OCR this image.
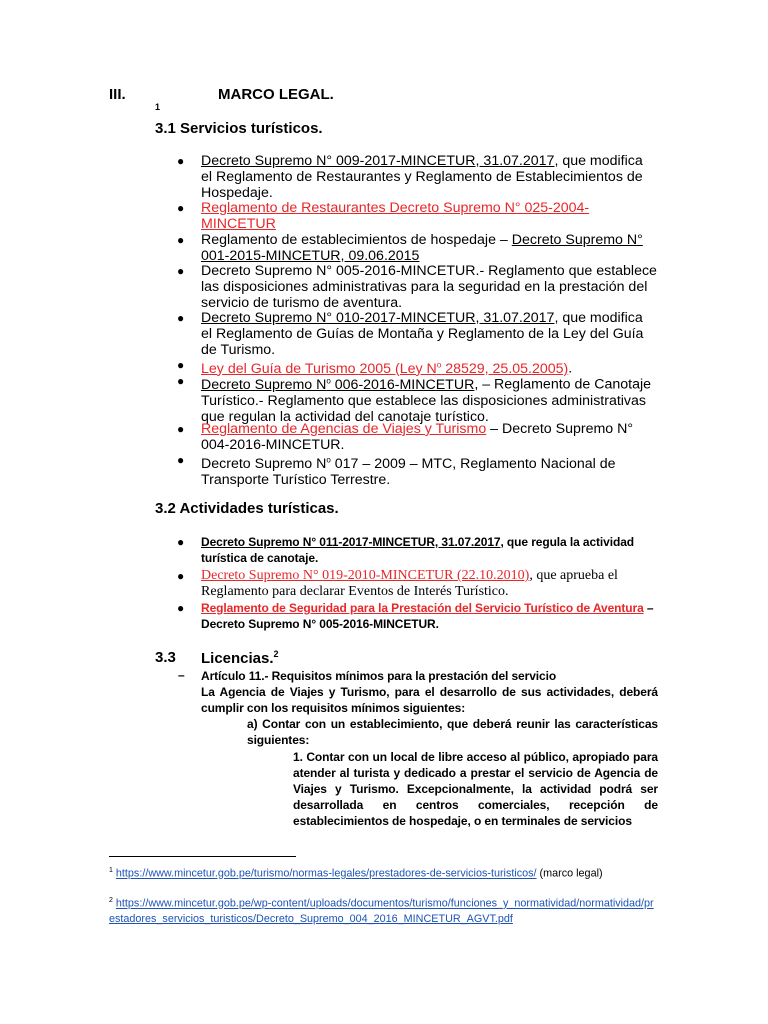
III.	MARCO LEGAL.
1
3.1 Servicios turísticos.
● Decreto Supremo N° 009-2017-MINCETUR, 31.07.2017, que modifica el Reglamento de Restaurantes y Reglamento de Establecimientos de Hospedaje.
● Reglamento de Restaurantes Decreto Supremo N° 025-2004-MINCETUR
● Reglamento de establecimientos de hospedaje – Decreto Supremo N° 001-2015-MINCETUR, 09.06.2015
● Decreto Supremo N° 005-2016-MINCETUR.- Reglamento que establece las disposiciones administrativas para la seguridad en la prestación del servicio de turismo de aventura.
● Decreto Supremo N° 010-2017-MINCETUR, 31.07.2017, que modifica el Reglamento de Guías de Montaña y Reglamento de la Ley del Guía de Turismo.
● Ley del Guía de Turismo 2005 (Ley $N^o$ 28529, 25.05.2005).
● Decreto Supremo $N^o$ 006-2016-MINCETUR, – Reglamento de Canotaje Turístico.- Reglamento que establece las disposiciones administrativas que regulan la actividad del canotaje turístico.
● Reglamento de Agencias de Viajes y Turismo – Decreto Supremo N° 004-2016-MINCETUR.
● Decreto Supremo $N^o$ 017 – 2009 – MTC, Reglamento Nacional de Transporte Turístico Terrestre.
3.2 Actividades turísticas.
● Decreto Supremo N° 011-2017-MINCETUR, 31.07.2017, que regula la actividad turística de canotaje.
● Decreto Supremo N° 019-2010-MINCETUR (22.10.2010), que aprueba el Reglamento para declarar Eventos de Interés Turístico.
● Reglamento de Seguridad para la Prestación del Servicio Turístico de Aventura – Decreto Supremo N° 005-2016-MINCETUR.
3.3 Licencias.$^2$
– Artículo 11.- Requisitos mínimos para la prestación del servicio
La Agencia de Viajes y Turismo, para el desarrollo de sus actividades, deberá cumplir con los requisitos mínimos siguientes:
a) Contar con un establecimiento, que deberá reunir las características siguientes:
1. Contar con un local de libre acceso al público, apropiado para atender al turista y dedicado a prestar el servicio de Agencia de Viajes y Turismo. Excepcionalmente, la actividad podrá ser desarrollada en centros comerciales, recepción de establecimientos de hospedaje, o en terminales de servicios
$^1$ https://www.mincetur.gob.pe/turismo/normas-legales/prestadores-de-servicios-turisticos/ (marco legal)
$^2$ https://www.mincetur.gob.pe/wp-content/uploads/documentos/turismo/funciones_y_normatividad/normatividad/prestadores_servicios_turisticos/Decreto_Supremo_004_2016_MINCETUR_AGVT.pdf
